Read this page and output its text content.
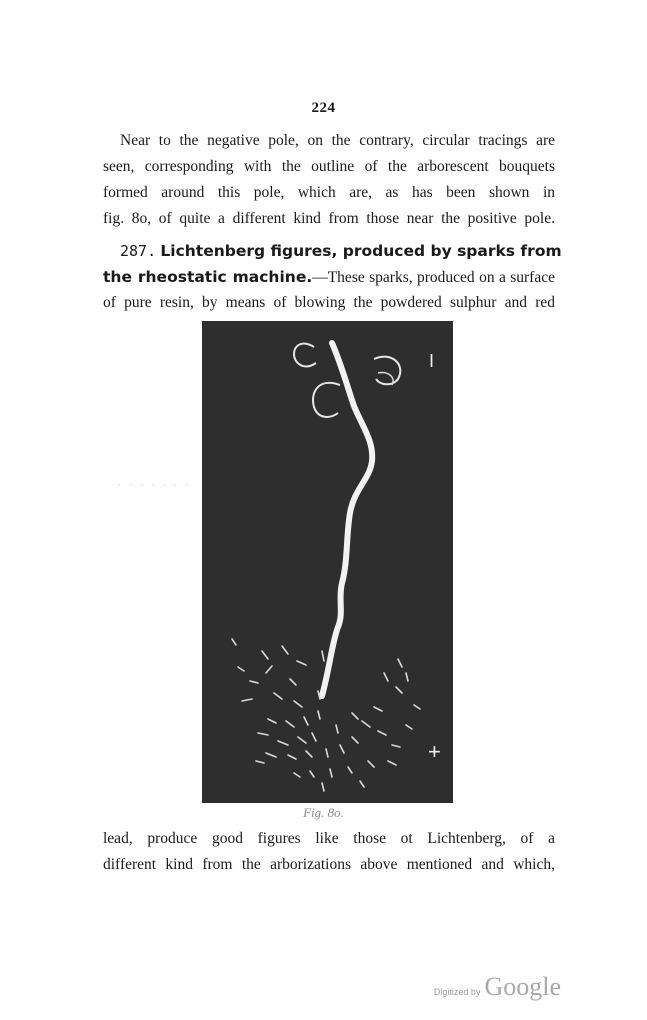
224
Near to the negative pole, on the contrary, circular tracings are
seen, corresponding with the outline of the arborescent bouquets
formed around this pole, which are, as has been shown in
fig. 8o, of quite a different kind from those near the positive pole.
287. Lichtenberg figures, produced by sparks from
the rheostatic machine.—These sparks, produced on a surface
of pure resin, by means of blowing the powdered sulphur and red
· · · · · · ·
I
+
Fig. 8o.
lead, produce good figures like those ot Lichtenberg, of a
different kind from the arborizations above mentioned and which,
Digitized by Google
